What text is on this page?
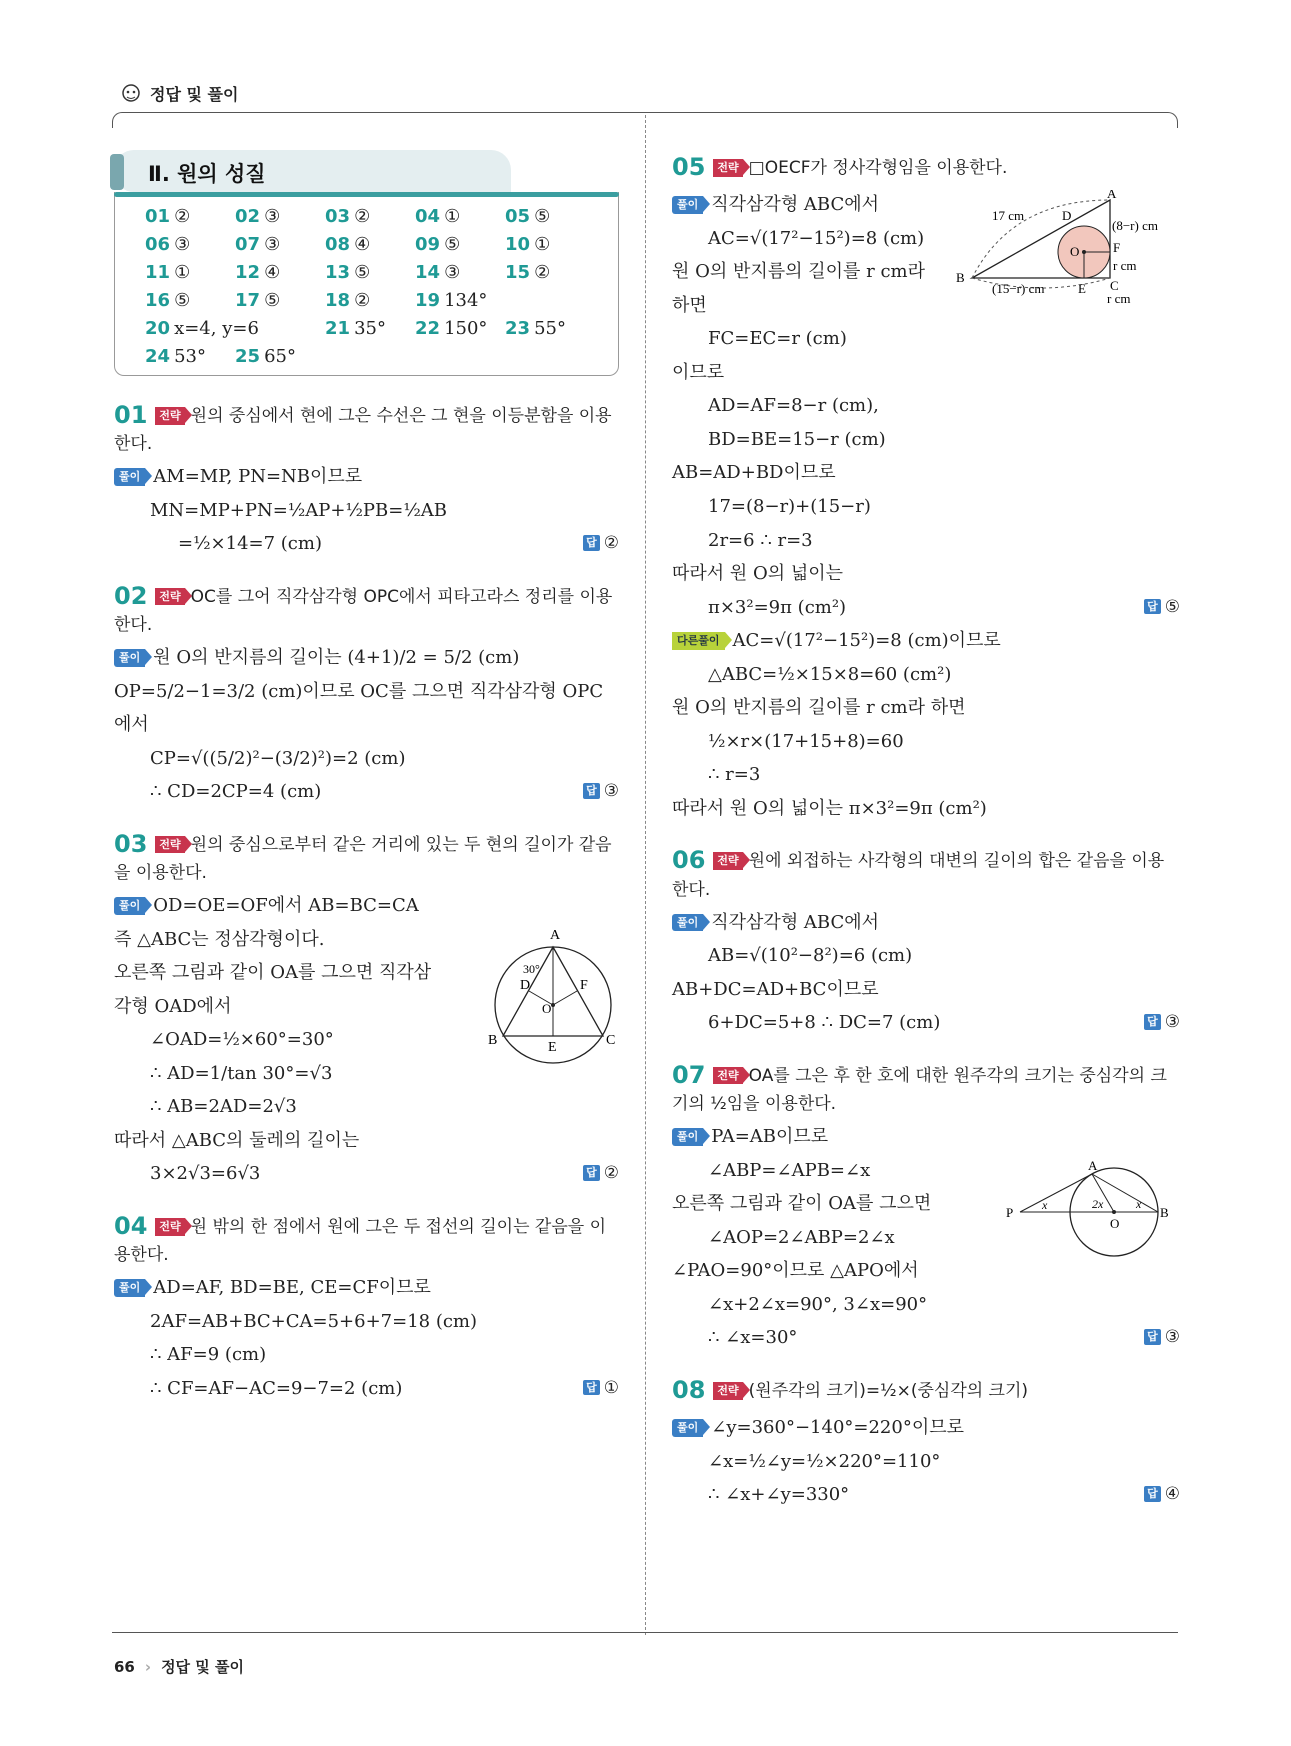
정답 및 풀이
66 › 정답 및 풀이
Ⅱ. 원의 성질
01 ②	02 ③	03 ②	04 ①	05 ⑤
06 ③	07 ③	08 ④	09 ⑤	10 ①
11 ①	12 ④	13 ⑤	14 ③	15 ②
16 ⑤	17 ⑤	18 ②	19 134°
20 x=4, y=6	21 35°	22 150° 23 55°
24 53°	25 65°
01 전략 원의 중심에서 현에 그은 수선은 그 현을 이등분함을 이용한다.
풀이 AM=MP, PN=NB이므로
MN=MP+PN=½AP+½PB=½AB
=½×14=7 (cm)	답 ②
02 전략 OC를 그어 직각삼각형 OPC에서 피타고라스 정리를 이용한다.
풀이 원 O의 반지름의 길이는 (4+1)/2 = 5/2 (cm)
OP=5/2−1=3/2 (cm)이므로 OC를 그으면 직각삼각형 OPC
에서
CP=√((5/2)²−(3/2)²)=2 (cm)
∴ CD=2CP=4 (cm)	답 ③
03 전략 원의 중심으로부터 같은 거리에 있는 두 현의 길이가 같음을 이용한다.
풀이 OD=OE=OF에서 AB=BC=CA
즉 △ABC는 정삼각형이다.
오른쪽 그림과 같이 OA를 그으면 직각삼
각형 OAD에서
∠OAD=½×60°=30°
∴ AD=1/tan 30°=√3
∴ AB=2AD=2√3
따라서 △ABC의 둘레의 길이는
3×2√3=6√3	답 ②
A
B	C
D
E
F
O
30°
04 전략 원 밖의 한 점에서 원에 그은 두 접선의 길이는 같음을 이용한다.
풀이 AD=AF, BD=BE, CE=CF이므로
2AF=AB+BC+CA=5+6+7=18 (cm)
∴ AF=9 (cm)
∴ CF=AF−AC=9−7=2 (cm)	답 ①
05 전략 □OECF가 정사각형임을 이용한다.
풀이 직각삼각형 ABC에서
AC=√(17²−15²)=8 (cm)
원 O의 반지름의 길이를 r cm라
하면
FC=EC=r (cm)
이므로
AD=AF=8−r (cm),
BD=BE=15−r (cm)
AB=AD+BD이므로
17=(8−r)+(15−r)
2r=6 ∴ r=3
따라서 원 O의 넓이는
π×3²=9π (cm²)	답 ⑤
다른풀이 AC=√(17²−15²)=8 (cm)이므로
△ABC=½×15×8=60 (cm²)
원 O의 반지름의 길이를 r cm라 하면
½×r×(17+15+8)=60
∴ r=3
따라서 원 O의 넓이는 π×3²=9π (cm²)
17 cm	D
A
O	F
(8−r) cm
r cm
B
(15−r) cm	E C
r cm
06 전략 원에 외접하는 사각형의 대변의 길이의 합은 같음을 이용한다.
풀이 직각삼각형 ABC에서
AB=√(10²−8²)=6 (cm)
AB+DC=AD+BC이므로
6+DC=5+8 ∴ DC=7 (cm)	답 ③
07 전략 OA를 그은 후 한 호에 대한 원주각의 크기는 중심각의 크기의 ½임을 이용한다.
풀이 PA=AB이므로
∠ABP=∠APB=∠x
오른쪽 그림과 같이 OA를 그으면
∠AOP=2∠ABP=2∠x
∠PAO=90°이므로 △APO에서
∠x+2∠x=90°, 3∠x=90°
∴ ∠x=30°	답 ③
A
P
O
B
x	2x	x
08 전략 (원주각의 크기)=½×(중심각의 크기)
풀이 ∠y=360°−140°=220°이므로
∠x=½∠y=½×220°=110°
∴ ∠x+∠y=330°	답 ④
